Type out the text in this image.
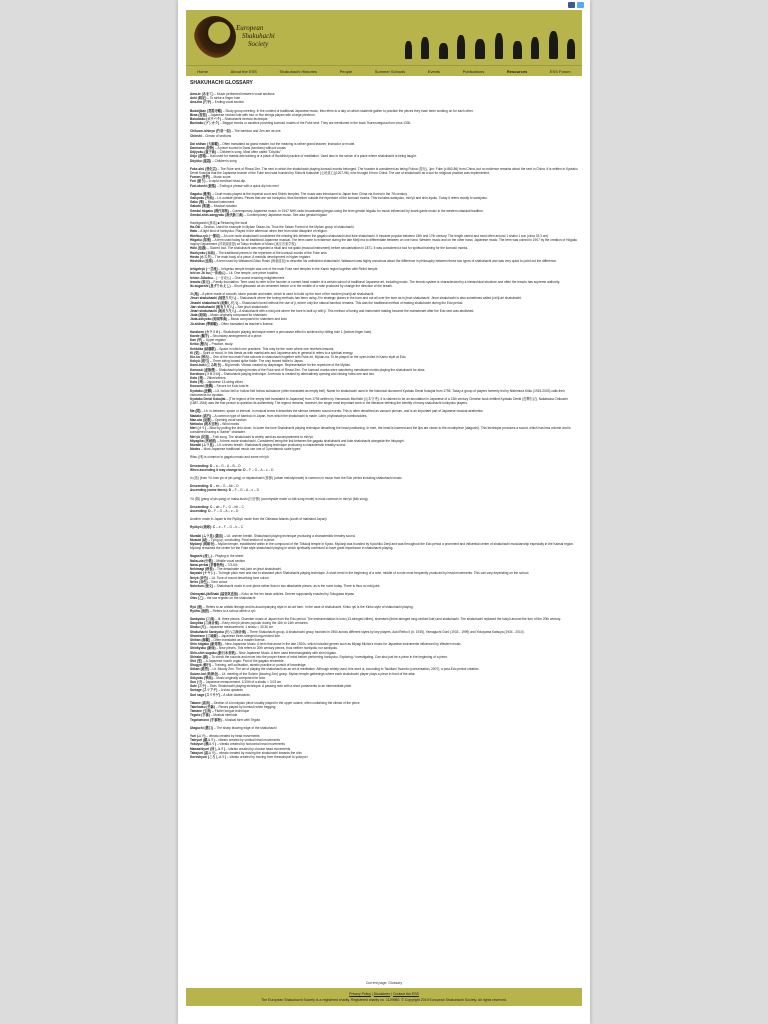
European
Shakuhachi
Society
Home	About the ESS	Shakuhachi Histories	People	Summer Schools	Events	Publications	Resources	ESS Forum
SHAKUHACHI GLOSSARY
Ama-te (あまて) – Music performed between vocal sections
Anki (暗記) – To strike a finger hole
Ana-tha (穴半) – Ending vocal section
Bodaijikan (菩提寺観) – Study group meeting. In the context of traditional Japanese music, this refers to a day on which students gather to practice the pieces they have been working on for each other.
Biwa (琵琶) – Japanese necked lute with four or five strings played with a large plectrum.
Bokubaku (ボクバク) – Shakuhachi tremolo technique.
Bunkaku (ブンカク) – Beggar monks or ascetics providing komusō modes of the Fuke sect. They are mentioned in the book Tsurezuregusa from circa 1330.
Chikuon-ichinyo (竹音一如) – The bamboo and Zen are as one
Chinshi – Climax of sections
Dai shihan (大師範) – Often translated as grand master, but the meaning is rather grand teacher, instructor or model.
Danmono (段物) – A piece scored in Dans (sections) without vocals
Dōjiyoku (童子曲) – Children's song. Most often called "Dōyōku"
Dōjo (道場) – Hall used for martial arts training or a place of Buddhist practice of meditation. Used also in the sense of a place where shakuhachi is being taught.
Dōyōku (童謡) – Children's song
Fuke-shū (普化宗) – The Fuke sect of Rinzai Zen. The sect in which the shakuhachi playing komusō monks belonged. The founder is considered as being Puhua (普化), Jpn: Fuke (c.860-86) from China, but no evidence remains about the sect in China. It is written in Kyotaku Denki Kokujiai that the Japanese branch of the Fuke sect was founded by Shinchi Kakushin (心地覚心)(1207-98), who brought it from China. The use of shakuhachi as a tool for religious practice was implemented.
Fumon (普門) – Music score
Furi (振り) – A rapid meri/kari head-dip.
Furi-otoshi (振落) – Ending a phrase with a quick dip into meri
Gagaku (雅楽) – Court music played at the imperial court and Shinto temples. The music was introduced to Japan from China via Korea in the 7th century.
Gaikyoku (外曲) – Lit. outside pieces. Pieces that are not honkyoku, thus therefore outside the repertoire of the komusō monks. This includes sankyoku, min'yō and shin-kyoku. Today it refers mostly to sankyoku.
Gaku (楽) – Musical instrument
Gakufu (楽譜) – Musical notation
Gendai högaku (現代邦楽) – Contemporary Japanese music. In 1947 NHK radio broadcasting began using the term gendai högaku for music influenced by avant-garde music in the western classical tradition.
Gendai-shin-sangyoku (現代新三曲) – Contemporary Japanese music. See also gendai högaku
Hachigaeshi (鉢返) ■ Returning the bowl
Ha-Ōki – Section. Used for example in Myōan Taizan-ha. Thus the Taizan Foxtrot of the Myōan group of shakuhachi.
Hata – A light kind of honkyoku. Played in the afternoon when free from strict discipline of religion.
Himitsu-ryū (一節切) – An one node shakuhachi considered the missing link between the gagaku shakuhachi and fuke shakuhachi. It became popular between 15th and 17th century. The length varied and most often around 1 shaku 1 sun (circa 33.3 cm).
Högaku (邦楽) – A term used today for all traditional Japanese musical. The term came to existence during the late Meiji era to differentiate between on one hand, Western music and on the other hand, Japanese music. The term was coined in 1907 by the creation of Högaku Inquiry Department (邦楽調査掛) at Tokyo Institute of Music (東京音楽学校).
Hōki (法器) – Sacred tool. The shakuhachi was regarded a ritual and not gakki (musical instrument) before secularization in 1871. It was considered a tool for spiritual training for the komusō monks.
Honkyoku (本曲) – The traditional pieces in the repertoire of the komusō monks of the Fuke sect.
Hosta (ホスタ) – The main body of a piece. A melodic development in higher register.
Hōshūku (法宿) – A term used by Watazumi Döso Roshi (海童道祖) to describe his unfinished shakuhachi. Watazumi was highly conscious about the difference in philosophy between these two types of shakuhachi and was very quick to point out the difference.
Ichigeiryū (一芸流) – Ichigetsu temple temple was one of the main Fuke sect temples in the Kanto region together with Reihō temple.
Ichi on Jō bu (一音成仏) – Lit. One temple, one piece buddha
Ichion Jōbutsu – (一音成仏) – One sound reaching enlightenment
Iemoto (家元) – Family foundation. Term used to refer to the founder or current head master of a certain school of traditional Japanese art, including music. The iemoto system is characterized by a hierarchical structure and often the iemoto has supreme authority.
Iki-sugaeshi (息ずりかえし) – Short glissando as an ornament before or in the middle of a note produced by change the direction of the breath.
Ji (地) – A piece made of smooth, stone powder and water, which is used to build up the bore of the modern jinuri/ji-ari shakuhachi.
Jinuri shakuhachi (地塗り尺八) – Shakuhachi where the tuning methods has been using Ji in strategic places in the bore and not all over the bore as in jinuri shakuhachi. Jinuri shakuhachi is also sometimes called ji-iri/ji-ari shakuhachi.
Jinashi shakuhachi (地無し尺八) – Shakuhachi tuned without the use of ji, where only the natural bamboo remains. This was the traditional method of making shakuhachi during the Edo period.
Jiari shakuhachi (地有り尺八) – See jinuri shakuhachi.
Jinari shakuhachi (地成り尺八) – A shakuhachi with a mid-joint where the bore is built up with ji. This method of tuning and instrument making became the mainstream after the Edo sect was abolished.
Jiuta (地唄) – Music originally composed for shamisen
Jiuta-sōkyoku (地唄箏曲) – Music composed for shamisen and koto
Jū-shihan (準師範) – Often translated as teacher's license.
Karakoro (カラコロ) – Shakuhachi playing technique where a percussive effect is achieved by hitting hole 1 (bottom finger hole).
Kaede (楓手) – Secondary arrangement of a piece.
Kan (甲) – Upper register
Keiko (稽古) – Practice, study.
Kekkōka (結構歌) – Space in which one practices. This may be the room where one receives lessons.
Ki (気) – Spirit or mood. In this thesis as with martial arts and Japanese arts in general ki refers to a spiritual energy.
Kin-ko (琴古) – One of the two main Fuke schools in shakuhachi together with Fuke-mi, Myōan-ha. To be played on the open-holed in Kanto style at Edo.
Kokyū (胡弓) – Three-string bowed spike fiddle. The only bowed fiddle in Japan.
Komi-buki (こみ吹き) – Big breath. Vibrato created by diaphragm. Representative for the repertoire of the Myōan.
Komusō (虚無僧) – Shakuhachi playing monks of the Fuke sect of Rinzai Zen. The komusō monks were wandering mendicant monks playing the shakuhachi for alms.
Korokoro (コロコロ) – Shakuhachi playing technique. A tremolo is created by alternatively opening and closing holes one and two.
Koto (琴) – Zither/zithers.
Koto (琴) – Japanese 13-string zither.
Koosumi (後隅) – Favors for Koto koto'te
Kyotaku (虚鐸) – Lit. hollow bell or hollow bell hollow substance (often translated as empty bell). Name for shakuhachi used in the historical document Kyotaku Denki Kokujiai from 1795. Today a group of players formerly led by Nishimura Kōku (1915-2003) calls their instruments for kyotaku.
Kyotaku Denki Kokujiai – [The legend of the empty bell translated to Japanese] from 1795 written by Yamamoto Morihide (山本守秀). It is claimed to be an annotation in Japanese of a 13th century Chinese book entitled Kyotaku Denki (虚鐸伝記). Nakatsuka Chikuzen (1887-1944) was the first person to question its authenticity. The legend remains, however, the single most important work in the literature defining the identity of many shakuhachi honkyoku players.
Ma (間) – Lit. in-between, space or interval. In musical terms it describes the silence between sound events. This is often described as vacuum plenum, and is an important part of Japanese musical aesthetics.
Madake (真竹) – A common type of bamboo in Japan, from which the shakuhachi is made. Latin: phyllostachys bambusoides.
Mae-uta (前歌) – Opening vocal section
Meiboku (明木宝物) – Wind marks
Meri (メリ) – Blow by pulling the chin down, to lower the tone Shakuhachi playing technique describing the head positioning. In meri, the head is lowered and the lips are closer to the mouthpiece (utaguchi). This technique produces a sound, which has less volume and is considered having a "darker" character.
Min'yō (民謡) – Folk song. The shakuhachi is widely used as accompaniment to min'yō.
Miyagiha (宮城派) – A three-mode shakuhachi. Considered being the link between the gagaku shakuhachi and fuke shakuhachi alongside the hitoyogiri.
Muraiki (ムラ息) – Lit. uneven breath. Shakuhachi playing technique producing a characteristic breathy sound.
Modes – Most Japanese traditional music use one of 3 pentatonic scale types:
Ritsu (律) is common in gagaku music and some min'yō:
Descending: D – a – G – A – B – D
When ascending it may change to: D – F – G – A – c – D
In (陰) (from Yō-how yin of yin-yang) or miyakobushi (都節) (urban melody/mode) is common in music from the Edo period including shakuhachi music.
Descending: D – eb – G – Ab – D
Ascending (some times): D – F – G – A – c – D
Yō (陽) (yang of yin-yang) or inaka-bushi (田舎節) (countryside mode or folk song mode) is most common in min'yō (folk song).
Descending: C – ab – F – G – bb – C
Ascending: D – F – G – A – c – D
Another mode in Japan is the Ryūkyū mode from the Okinawa Islands (south of mainland Japan):
Ryūkyū (琉球): C – e – F – G – b – C
Muraiki (ムラ息) (叢息) – Lit. uneven breath. Shakuhachi playing technique producing a characteristic breathy sound.
Musubi (結) – Tying up, concluding. Final section of a piece.
Myōanji (明暗寺) – Myōan temple, established within in the compound of the Tōfukuji temple in Kyoto. Myōanji was founded by Kyochiku Zenji and was throughout the Edo period a prominent and influential center of shakuhachi musicianship especially in the Kansai region. Myōanji remained the center for the Fuke style shakuhachi playing in which spiritually continued to have great importance in shakuhachi playing.
Nagashi (流し) – Playing in the street
Naka-uta (中歌) – Middle vocal section
Nana-perkal (茶番物所) – 7/3-5/4
Nekimagi (根巻) – The detachable mid-joint on jinuri shakuhachi.
Nayashi (ナヤシ) – To begin pitch meri and rise to standard pitch Shakuhachi playing technique. A short bend in the beginning of a note, middle of a note most frequently produced by head movements. This can vary depending on the school.
Neiyō (音色) – Lit. Tone of sound describing tone colour
Neiro (音色) – Tone colour
Nokebun (後文) – Shakuhachi mode in one-piece rather than in two attachable pieces, as is the norm today. There is thus no mid-joint.
Okinayaki-jikiShaki (翁邪気直指) – Koko on the ten basic articles. Decree supposedly enacted by Tokugawa Ieyasu
Otsu (乙) – the low register on the shakuhachi
Ryū (流) – Refers to an artistic lineage and its accompanying style in an art form. In the case of shakuhachi, Kinko ryū is the Kinko style of shakuhachi playing.
Ryūha (流派) – Refers to a school within a ryū
Sankyoku (三曲) – lit. three pieces. Chamber music of Japan from the Edo period. The instrumentation is koto (13-stringed zither), shamisen (three-stringed long-necked lute) and shakuhachi. The shakuhachi replaced the kokyū around the turn of the 20th century.
Sanyōka (三曲合奏) – Early min'yō pieces popular during the 11th to 14th centuries.
Shaku (尺) – Japanese measurement. 1 shaku = 30.30 cm
Shakuhachi Sankyoku (尺八三曲合奏) – Three Shakuhachi group. A shakuhachi group founded in 1964 across different styles by key players, Aoki Reibo II (b. 1935), Yamaguchi Gorō (1933 - 1999) and Yokoyama Katsuya (1934 - 2010).
Shamisen (三味線) – Japanese three-stringed long-necked lute.
Shihan (師範) – Often translated as a master license.
Shin högaku (新邦楽) – New Japanese Music. A term that arose in the late 1920s, which included genres such as Miyagi Michio's music for Japanese instruments influenced by Western music.
Shinkyoku (新曲) – New pieces. This refers to 20th century pieces, thus neither honkyoku nor sankyoku.
Shin-shin sugaku (新日本音楽) – New Japanese Music. A term used interchangeably with shin högaku.
Shirabe (調) – To check the sounds and move into the proper frame of mind before performing honkyoku. Exploring / investigating. Can also just be a piece in the beginning of a piece.
Shō (笙) – A Japanese mouth organ. Part of the gagaku ensemble.
Shugyō (修行) – Training, self-cultivation, ascetic practice or pursuit of knowledge.
Sōkan (総管) – Lit. Bloody Zen. The art of playing the shakuhachi as an art of meditation. Although widely used, this word is, according to Tsukitani Tsuneko (conversation, 2007), a post-Edo period creation.
Suizen-kai (吹禅会) – Lit. meeting of the Suizen (blowing Zen) group. Myōan temple gatherings where each shakuhachi player plays a piece in front of the altar.
Sōkyoku (箏曲) – Music originally composed for koto.
Sun (寸) – Japanese measurement. 1/10th of a shaku = 3.03 cm
Sute (ステ) – Stdn. Shakuhachi playing technique. A passing note with a short portamento to an intermediate pitch.
Suriage (スリアゲ) – A slow upwards
Suri sage (スリサゲ) – A slide downwards
Takane (高音) – Section of a honkyoku piece usually played in the upper octave, often containing the climax of the piece.
Takehatsu (竹鉢) – Pieces played by komusō when begging
Tamane (玉音) – Flutter tongue technique
Tegoto (手事) – Musical interlude
Tegotomono (手事物) – Musical form with Tegoto
Utaguchi (歌口) – The sharp blowing edge of the shakuhachi
Yuri (ユリ) – vibrato created by head movements
Tateyuri (縦ユリ) – vibrato created by vertical head movements
Yokoyuri (横ユリ) – vibrato created by horizontal head movements
Mawashiyuri (回しユリ) – vibrato created by circular head movements
Takayuri (高ユリ) – vibrato created by moving the shakuhachi towards the chin
Koroshyuri (ころしユリ) – vibrato created by moving from thessohiyuri to yokoyuri
Current page: Glossary
Privacy Policy | Disclaimer | Contact the ESS
The European Shakuhachi Society is a registered charity, Registered charity no. 1129980. © Copyright 2019 European Shakuhachi Society. All rights reserved.
